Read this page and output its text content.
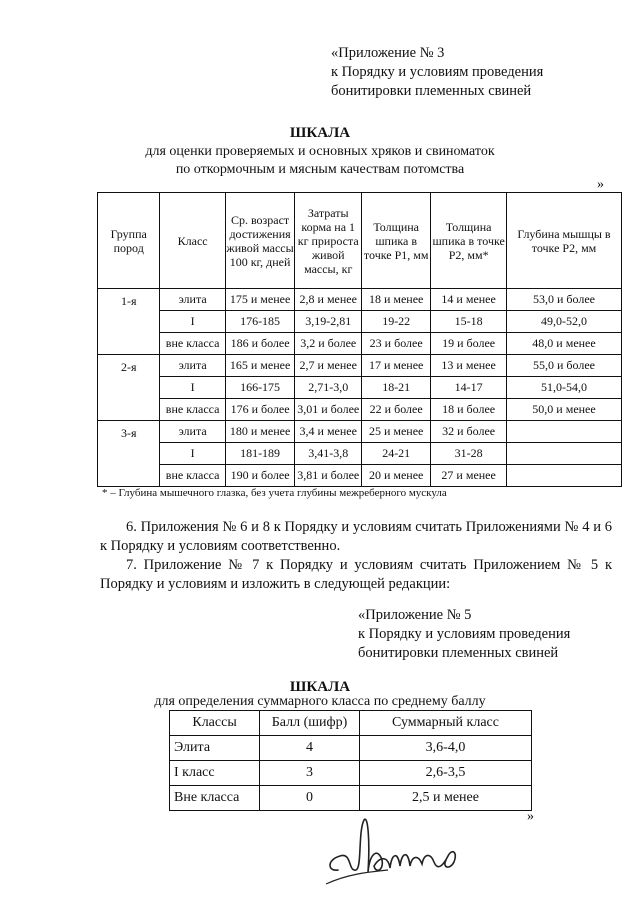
«Приложение № 3
к Порядку и условиям проведения
бонитировки племенных свиней
ШКАЛА
для оценки проверяемых и основных хряков и свиноматок
по откормочным и мясным качествам потомства
»
Группа пород	Класс	Ср. возраст достижения живой массы 100 кг, дней	Затраты корма на 1 кг прироста живой массы, кг	Толщина шпика в точке Р1, мм	Толщина шпика в точке Р2, мм*	Глубина мышцы в точке Р2, мм
1-я	элита	175 и менее	2,8 и менее	18 и менее	14 и менее	53,0 и более
	I	176-185	3,19-2,81	19-22	15-18	49,0-52,0
	вне класса	186 и более	3,2 и более	23 и более	19 и более	48,0 и менее
2-я	элита	165 и менее	2,7 и менее	17 и менее	13 и менее	55,0 и более
	I	166-175	2,71-3,0	18-21	14-17	51,0-54,0
	вне класса	176 и более	3,01 и более	22 и более	18 и более	50,0 и менее
3-я	элита	180 и менее	3,4 и менее	25 и менее	32 и более	
	I	181-189	3,41-3,8	24-21	31-28	
	вне класса	190 и более	3,81 и более	20 и менее	27 и менее	
* – Глубина мышечного глазка, без учета глубины межреберного мускула
6. Приложения № 6 и 8 к Порядку и условиям считать Приложениями № 4 и 6 к Порядку и условиям соответственно.
7. Приложение № 7 к Порядку и условиям считать Приложением № 5 к Порядку и условиям и изложить в следующей редакции:
«Приложение № 5
к Порядку и условиям проведения
бонитировки племенных свиней
ШКАЛА
для определения суммарного класса по среднему баллу
Классы	Балл (шифр)	Суммарный класс
Элита	4	3,6-4,0
I класс	3	2,6-3,5
Вне класса	0	2,5 и менее
»
